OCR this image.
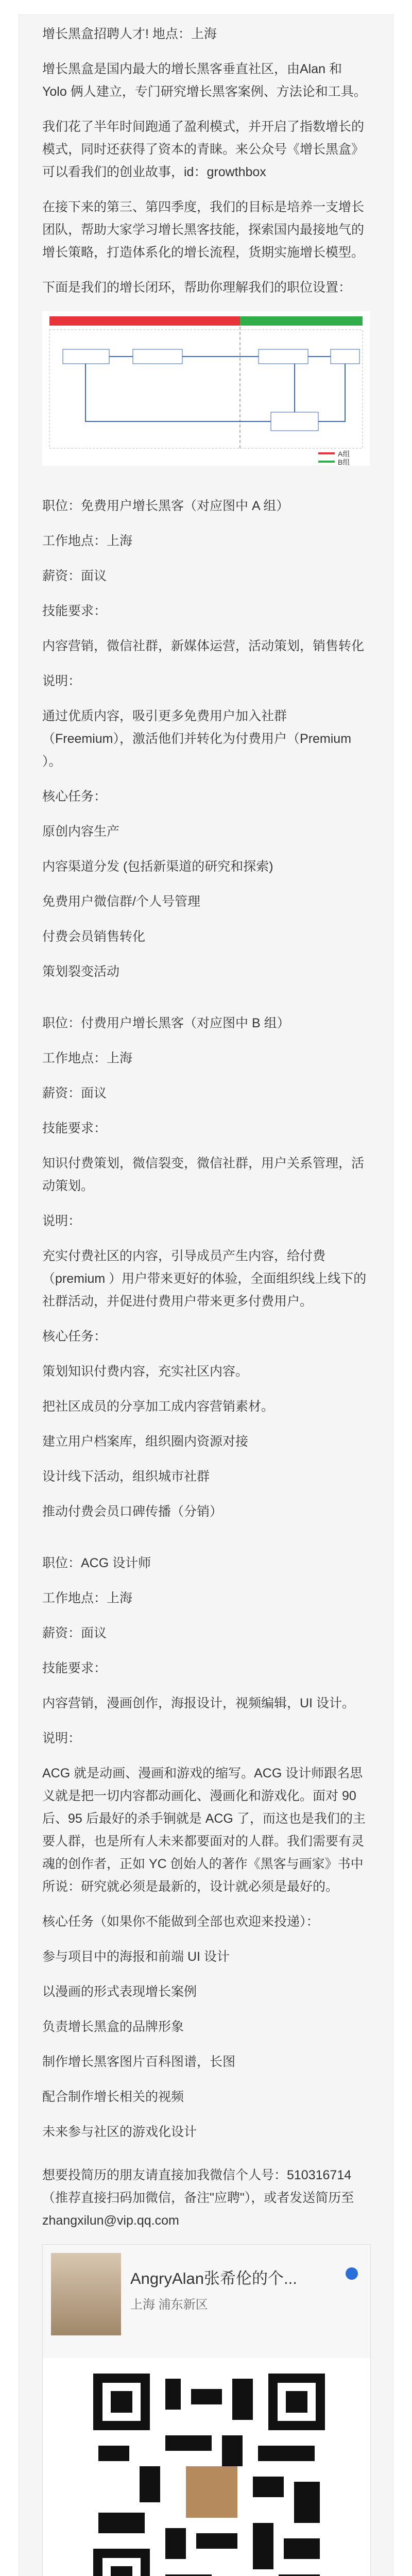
增长黑盒招聘人才! 地点：上海

增长黑盒是国内最大的增长黑客垂直社区，由Alan 和 Yolo 俩人建立，专门研究增长黑客案例、方法论和工具。

我们花了半年时间跑通了盈利模式，并开启了指数增长的模式，同时还获得了资本的青睐。来公众号《增长黑盒》可以看我们的创业故事，id：growthbox

在接下来的第三、第四季度，我们的目标是培养一支增长团队，帮助大家学习增长黑客技能，探索国内最接地气的增长策略，打造体系化的增长流程，货期实施增长模型。

下面是我们的增长闭环，帮助你理解我们的职位设置：

A组
B组

职位：免费用户增长黑客（对应图中 A 组）

工作地点：上海

薪资：面议

技能要求：

内容营销，微信社群，新媒体运营，活动策划，销售转化

说明：

通过优质内容，吸引更多免费用户加入社群（Freemium），激活他们并转化为付费用户（Premium ）。

核心任务：

原创内容生产

内容渠道分发 (包括新渠道的研究和探索)

免费用户微信群/个人号管理

付费会员销售转化

策划裂变活动

职位：付费用户增长黑客（对应图中 B 组）

工作地点：上海

薪资：面议

技能要求：

知识付费策划，微信裂变，微信社群，用户关系管理，活动策划。

说明：

充实付费社区的内容，引导成员产生内容，给付费（premium ）用户带来更好的体验，全面组织线上线下的社群活动，并促进付费用户带来更多付费用户。

核心任务：

策划知识付费内容，充实社区内容。

把社区成员的分享加工成内容营销素材。

建立用户档案库，组织圈内资源对接

设计线下活动，组织城市社群

推动付费会员口碑传播（分销）

职位：ACG 设计师

工作地点：上海

薪资：面议

技能要求：

内容营销，漫画创作，海报设计，视频编辑，UI 设计。

说明：

ACG 就是动画、漫画和游戏的缩写。ACG 设计师跟名思义就是把一切内容都动画化、漫画化和游戏化。面对 90 后、95 后最好的杀手锏就是 ACG 了，而这也是我们的主要人群，也是所有人未来都要面对的人群。我们需要有灵魂的创作者，正如 YC 创始人的著作《黑客与画家》书中所说：研究就必须是最新的，设计就必须是最好的。

核心任务（如果你不能做到全部也欢迎来投递）：

参与项目中的海报和前端 UI 设计

以漫画的形式表现增长案例

负责增长黑盒的品牌形象

制作增长黑客图片百科图谱，长图

配合制作增长相关的视频

未来参与社区的游戏化设计

想要投简历的朋友请直接加我微信个人号：510316714（推荐直接扫码加微信，备注"应聘"），或者发送简历至 zhangxilun@vip.qq.com

AngryAlan张希伦的个...
上海 浦东新区
